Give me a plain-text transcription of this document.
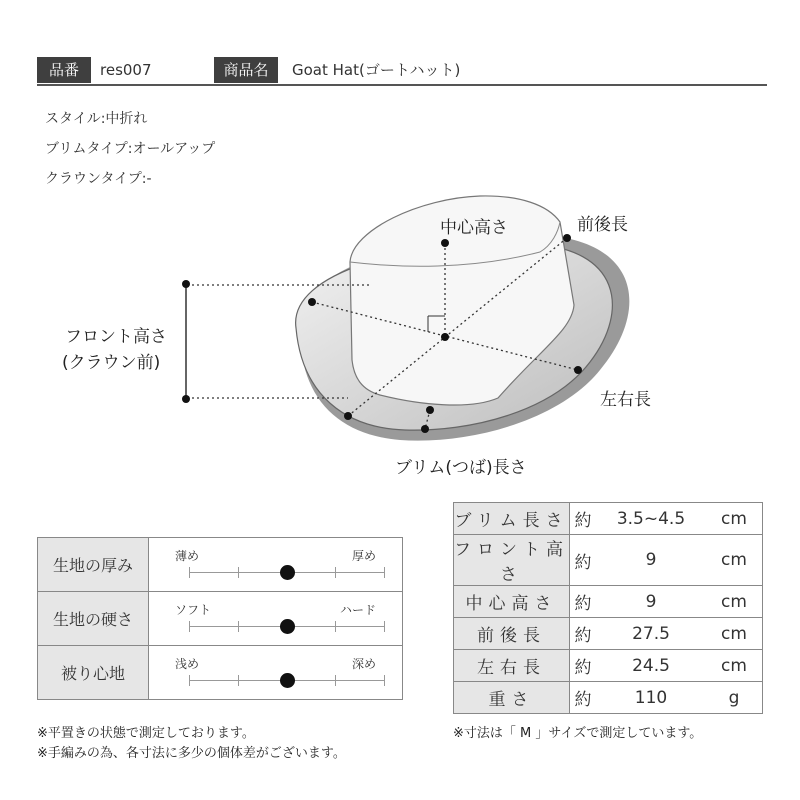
品番	res007	商品名	Goat Hat(ゴートハット)
スタイル:中折れ
ブリムタイプ:オールアップ
クラウンタイプ:-
中心高さ	前後長
フロント高さ
(クラウン前)
左右長
ブリム(つば)長さ
生地の厚み	薄め 厚め

生地の硬さ	ソフト ハード

被り心地	浅め 深め
ブリム長さ	約	3.5~4.5	cm
フロント高さ	約	9	cm
中心高さ	約	9	cm
前後長	約	27.5	cm
左右長	約	24.5	cm
重さ	約	110	g
※平置きの状態で測定しております。
※手編みの為、各寸法に多少の個体差がございます。
※寸法は「 M 」サイズで測定しています。
